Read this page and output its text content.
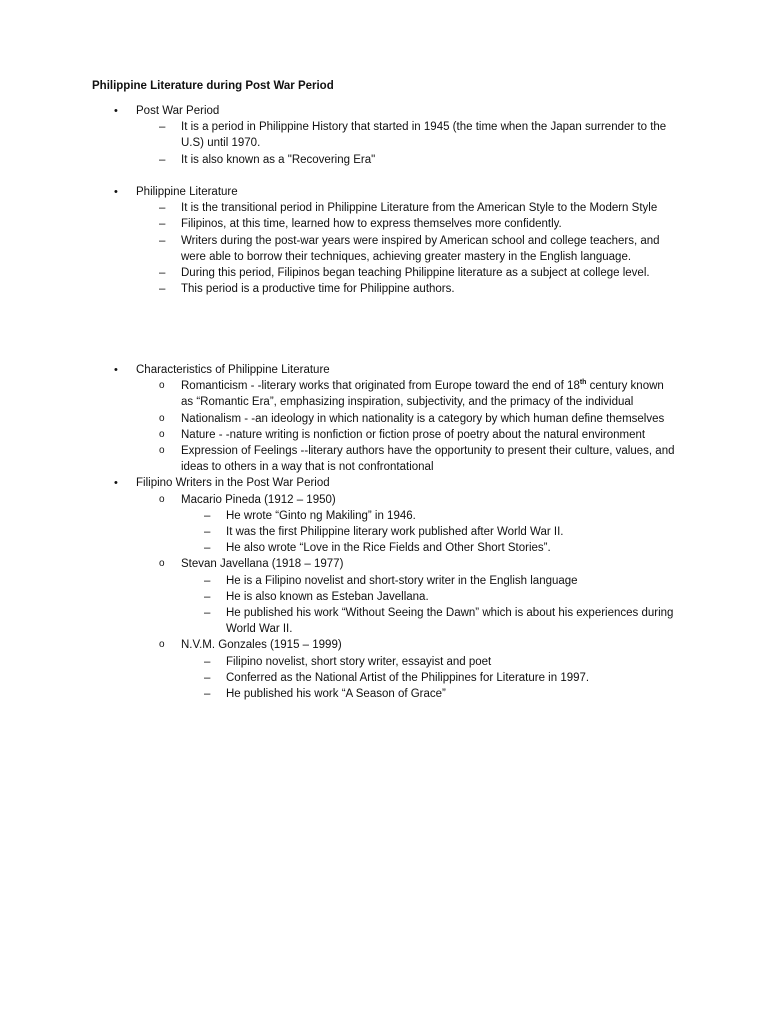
Philippine Literature during Post War Period
• Post War Period
– It is a period in Philippine History that started in 1945 (the time when the Japan surrender to the U.S) until 1970.
– It is also known as a "Recovering Era"
• Philippine Literature
– It is the transitional period in Philippine Literature from the American Style to the Modern Style
– Filipinos, at this time, learned how to express themselves more confidently.
– Writers during the post-war years were inspired by American school and college teachers, and were able to borrow their techniques, achieving greater mastery in the English language.
– During this period, Filipinos began teaching Philippine literature as a subject at college level.
– This period is a productive time for Philippine authors.
• Characteristics of Philippine Literature
o Romanticism - -literary works that originated from Europe toward the end of 18th century known as “Romantic Era”, emphasizing inspiration, subjectivity, and the primacy of the individual
o Nationalism - -an ideology in which nationality is a category by which human define themselves
o Nature - -nature writing is nonfiction or fiction prose of poetry about the natural environment
o Expression of Feelings --literary authors have the opportunity to present their culture, values, and ideas to others in a way that is not confrontational
• Filipino Writers in the Post War Period
o Macario Pineda (1912 – 1950)
– He wrote “Ginto ng Makiling” in 1946.
– It was the first Philippine literary work published after World War II.
– He also wrote “Love in the Rice Fields and Other Short Stories”.
o Stevan Javellana (1918 – 1977)
– He is a Filipino novelist and short-story writer in the English language
– He is also known as Esteban Javellana.
– He published his work “Without Seeing the Dawn” which is about his experiences during World War II.
o N.V.M. Gonzales (1915 – 1999)
– Filipino novelist, short story writer, essayist and poet
– Conferred as the National Artist of the Philippines for Literature in 1997.
– He published his work “A Season of Grace”
